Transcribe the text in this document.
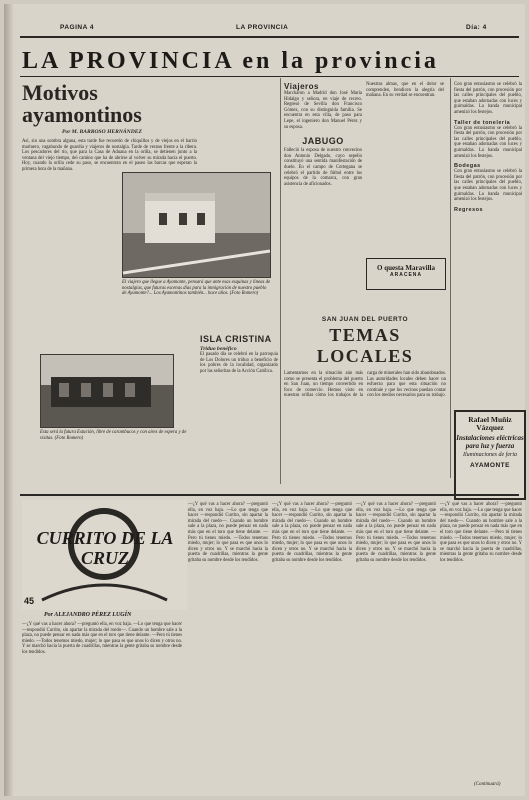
PAGINA 4	LA PROVINCIA	Día: 4
LA PROVINCIA en la provincia
Motivos ayamontinos
Por M. BARROSO HERNÁNDEZ
Así, sin una sombra alguna, esta tarde fue recuerdo de chiquillos y de viejos en el barrio marinero, vagabundo de guardia y viajeros de nostalgia. Tarde de verano frente a la ribera. Los pescadores del río, que para la Casa de Aduana en la orilla, se detienen junto a la ventana del viejo tiempo, del camino que ha de abrirse al volver su mirada hacia el puerto. Hoy, cuando la orilla cede su paso, se encuentran en el paseo las barcas que esperan la primera hora de la mañana.
El viajero que llegue a Ayamonte, pensará que ante esas esquinas y líneas de nostalgias, que futuras escenas días para la inmigración de nuestro pueblo de Ayamonte?... Los Ayamontinos también... hace años. (Foto Romero)
Esta será la futura Estación, libre de carambucos y con aires de espera y de visitas. (Foto Romero)
ISLA CRISTINA
Triduo benéfico
El pasado día se celebró en la parroquia de Los Dolores un triduo a beneficio de los pobres de la localidad, organizado por las señoritas de la Acción Católica.
Viajeros
Marcharon a Madrid don José María Hidalgo y señora, en viaje de recreo. Regresó de Sevilla don Francisco Gómez, con su distinguida familia. Se encuentra en esta villa, de paso para Lepe, el ingeniero don Manuel Pérez y su esposa.
JABUGO
Falleció la esposa de nuestro convecino don Antonio Delgado, cuyo sepelio constituyó una sentida manifestación de duelo. En el campo de Cortegana se celebró el partido de fútbol entre los equipos de la comarca, con gran asistencia de aficionados.
Nuestras almas, que en el dolor se comprenden, bendicen la alegría del mañana. En su verdad se encuentran.
O questa Maravilla
ARACENA
SAN JUAN DEL PUERTO
TEMAS LOCALES
Lamentamos en la situación aún más como se presenta el problema del puerto en San Juan, un tiempo convertido en foco de comercio. Hemos visto en nuestras orillas cómo los trabajos de la carga de minerales han sido abandonados. Las autoridades locales deben hacer un esfuerzo para que esta situación no continúe y que los vecinos puedan contar con los medios necesarios para su trabajo.
Con gran entusiasmo se celebró la fiesta del patrón, con procesión por las calles principales del pueblo, que estaban adornadas con luces y guirnaldas. La banda municipal amenizó los festejos.
Taller de tonelería
Con gran entusiasmo se celebró la fiesta del patrón, con procesión por las calles principales del pueblo, que estaban adornadas con luces y guirnaldas. La banda municipal amenizó los festejos.
Bodegas
Con gran entusiasmo se celebró la fiesta del patrón, con procesión por las calles principales del pueblo, que estaban adornadas con luces y guirnaldas. La banda municipal amenizó los festejos.
Regresos
Rafael Muñiz Vázquez
Instalaciones eléctricas para luz y fuerza
Iluminaciones de feria
AYAMONTE
CURRITO DE LA CRUZ
45
Por ALEJANDRO PÉREZ LUGÍN
—¿Y qué vas a hacer ahora? —preguntó ella, en voz baja. —Lo que tenga que hacer —respondió Currito, sin apartar la mirada del ruedo—. Cuando un hombre sale a la plaza, no puede pensar en nada más que en el toro que tiene delante. —Pero tú tienes miedo. —Todos tenemos miedo, mujer; lo que pasa es que unos lo dicen y otros no. Y se marchó hacia la puerta de cuadrillas, mientras la gente gritaba su nombre desde los tendidos.
—¿Y qué vas a hacer ahora? —preguntó ella, en voz baja. —Lo que tenga que hacer —respondió Currito, sin apartar la mirada del ruedo—. Cuando un hombre sale a la plaza, no puede pensar en nada más que en el toro que tiene delante. —Pero tú tienes miedo. —Todos tenemos miedo, mujer; lo que pasa es que unos lo dicen y otros no. Y se marchó hacia la puerta de cuadrillas, mientras la gente gritaba su nombre desde los tendidos.
—¿Y qué vas a hacer ahora? —preguntó ella, en voz baja. —Lo que tenga que hacer —respondió Currito, sin apartar la mirada del ruedo—. Cuando un hombre sale a la plaza, no puede pensar en nada más que en el toro que tiene delante. —Pero tú tienes miedo. —Todos tenemos miedo, mujer; lo que pasa es que unos lo dicen y otros no. Y se marchó hacia la puerta de cuadrillas, mientras la gente gritaba su nombre desde los tendidos.
—¿Y qué vas a hacer ahora? —preguntó ella, en voz baja. —Lo que tenga que hacer —respondió Currito, sin apartar la mirada del ruedo—. Cuando un hombre sale a la plaza, no puede pensar en nada más que en el toro que tiene delante. —Pero tú tienes miedo. —Todos tenemos miedo, mujer; lo que pasa es que unos lo dicen y otros no. Y se marchó hacia la puerta de cuadrillas, mientras la gente gritaba su nombre desde los tendidos.
—¿Y qué vas a hacer ahora? —preguntó ella, en voz baja. —Lo que tenga que hacer —respondió Currito, sin apartar la mirada del ruedo—. Cuando un hombre sale a la plaza, no puede pensar en nada más que en el toro que tiene delante. —Pero tú tienes miedo. —Todos tenemos miedo, mujer; lo que pasa es que unos lo dicen y otros no. Y se marchó hacia la puerta de cuadrillas, mientras la gente gritaba su nombre desde los tendidos.
(Continuará)
